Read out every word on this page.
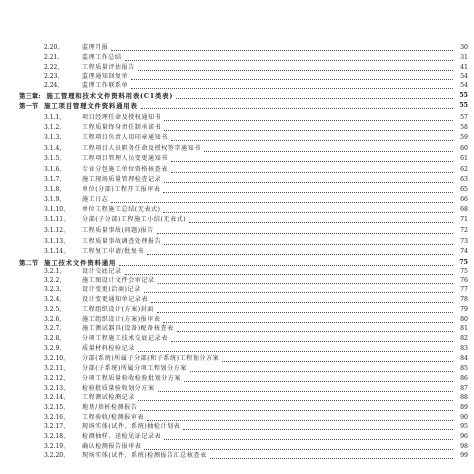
2.20、	监理月报	30
2.21、	监理工作总结	31
2.22、	工程质量评估报告	41
2.23、	监理通知回复单	54
2.24、	监理工作联系单	54
第三章: 施工管理和技术文件资料用表(C1类表)	55
第一节 施工项目管理文件资料通用表	55
3.1.1、	项目经理任命及授权通知书	57
3.1.2、	工程质量终身责任制承诺书	58
3.1.3、	工程项目负责人用印章通知书	59
3.1.4、	工程项目人员职务任命及授权签字通知书	60
3.1.5、	工程项目管理人员变更通知书	61
3.1.6、	专业分包施工单位资格核查表	62
3.1.7、	施工现场质量管理检查记录	63
3.1.8、	单位(分部)工程开工报审表	65
3.1.9、	施工日志	66
3.1.10、	单位工程施工总结(无表式)	68
3.1.11、	分部(子分部)工程施工小结(无表式)	71
3.1.12、	工程质量事故(问题)报告	72
3.1.13、	工程质量事故调查处理报告	73
3.1.14、	工程复工申请/批复书	74
第二节 施工技术文件资料通用	75
3.2.1、	设计交底记录	75
3.2.2、	施工图设计文件会审记录	76
3.2.3、	设计变更(洽商)记录	77
3.2.4、	设计变更通知单记录表	78
3.2.5、	工程组织设计(方案)封面	79
3.2.6、	施工组织设计(方案)报审表	80
3.2.7、	施工测试器具(设备)配备核查表	81
3.2.8、	分项工程施工技术交底记录表	82
3.2.9、	质量材料检验记录	83
3.2.10、	分部(系统)所属子分部(和子系统)工程划分方案	84
3.2.11、	分部(子系统)所属分项工程划分方案	85
3.2.12、	分项工程质量验收检验批划分方案	86
3.2.13、	检验批质量验收划分方案	87
3.2.14、	工程测试检测记录	88
3.2.15、	地基/基桩检测报告	89
3.2.16、	工程验收/检测报审表	90
3.2.17、	现场实体(试件、系统)抽检计划表	95
3.2.18、	检测抽样、送检见证记录表	96
3.2.19、	确认检测报告报审表	98
3.2.20、	现场实体(试件、系统)检测报告汇总核查表	99
